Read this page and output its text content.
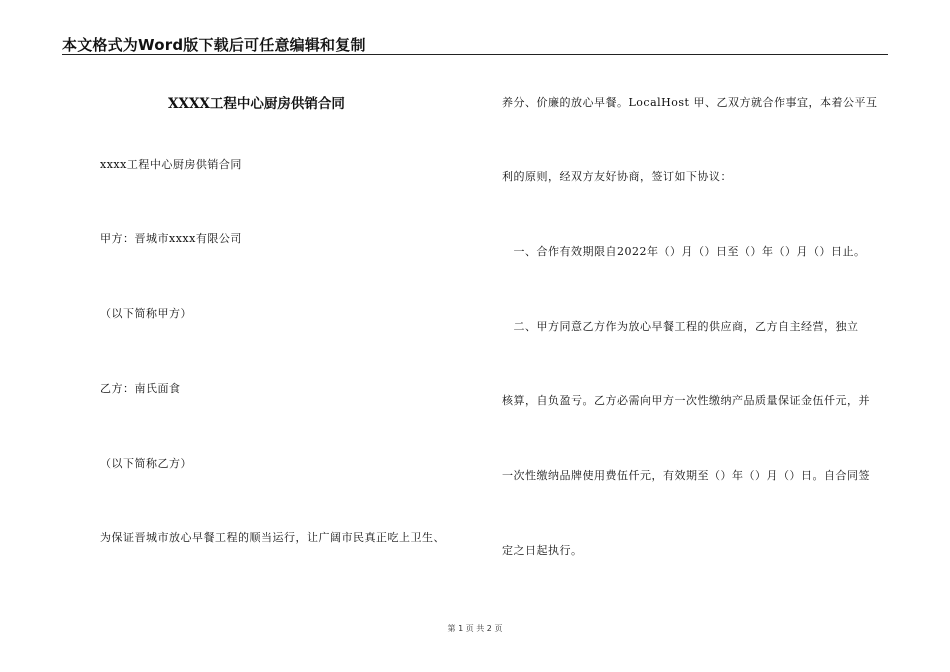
本文格式为Word版下载后可任意编辑和复制
XXXX工程中心厨房供销合同
xxxx工程中心厨房供销合同
甲方：晋城市xxxx有限公司
（以下简称甲方）
乙方：南氏面食
（以下简称乙方）
为保证晋城市放心早餐工程的顺当运行，让广阔市民真正吃上卫生、
养分、价廉的放心早餐。LocalHost 甲、乙双方就合作事宜，本着公平互
利的原则，经双方友好协商，签订如下协议：
　一、合作有效期限自2022年（）月（）日至（）年（）月（）日止。
　二、甲方同意乙方作为放心早餐工程的供应商，乙方自主经营，独立
核算，自负盈亏。乙方必需向甲方一次性缴纳产品质量保证金伍仟元，并
一次性缴纳品牌使用费伍仟元，有效期至（）年（）月（）日。自合同签
定之日起执行。
第 1 页 共 2 页
